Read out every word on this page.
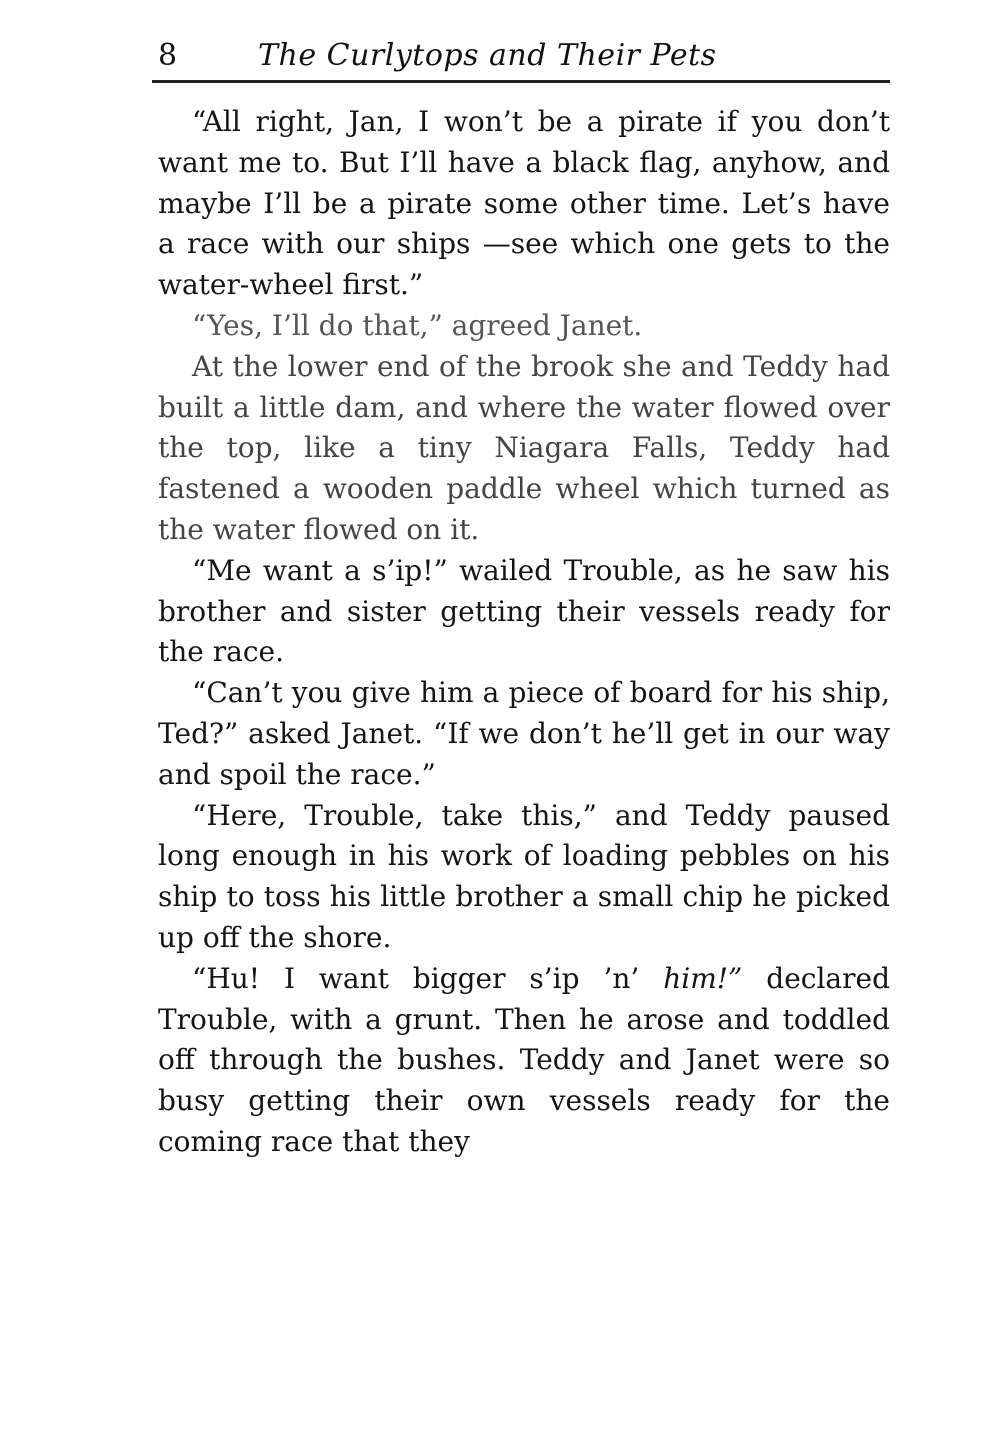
8	The Curlytops and Their Pets

“All right, Jan, I won’t be a pirate if you don’t want me to. But I’ll have a black flag, anyhow, and maybe I’ll be a pirate some other time. Let’s have a race with our ships —see which one gets to the water-wheel first.”

“Yes, I’ll do that,” agreed Janet.

At the lower end of the brook she and Teddy had built a little dam, and where the water flowed over the top, like a tiny Niagara Falls, Teddy had fastened a wooden paddle wheel which turned as the water flowed on it.

“Me want a s’ip!” wailed Trouble, as he saw his brother and sister getting their vessels ready for the race.

“Can’t you give him a piece of board for his ship, Ted?” asked Janet. “If we don’t he’ll get in our way and spoil the race.”

“Here, Trouble, take this,” and Teddy paused long enough in his work of loading pebbles on his ship to toss his little brother a small chip he picked up off the shore.

“Hu! I want bigger s’ip ’n’ him!” declared Trouble, with a grunt. Then he arose and toddled off through the bushes. Teddy and Janet were so busy getting their own vessels ready for the coming race that they
